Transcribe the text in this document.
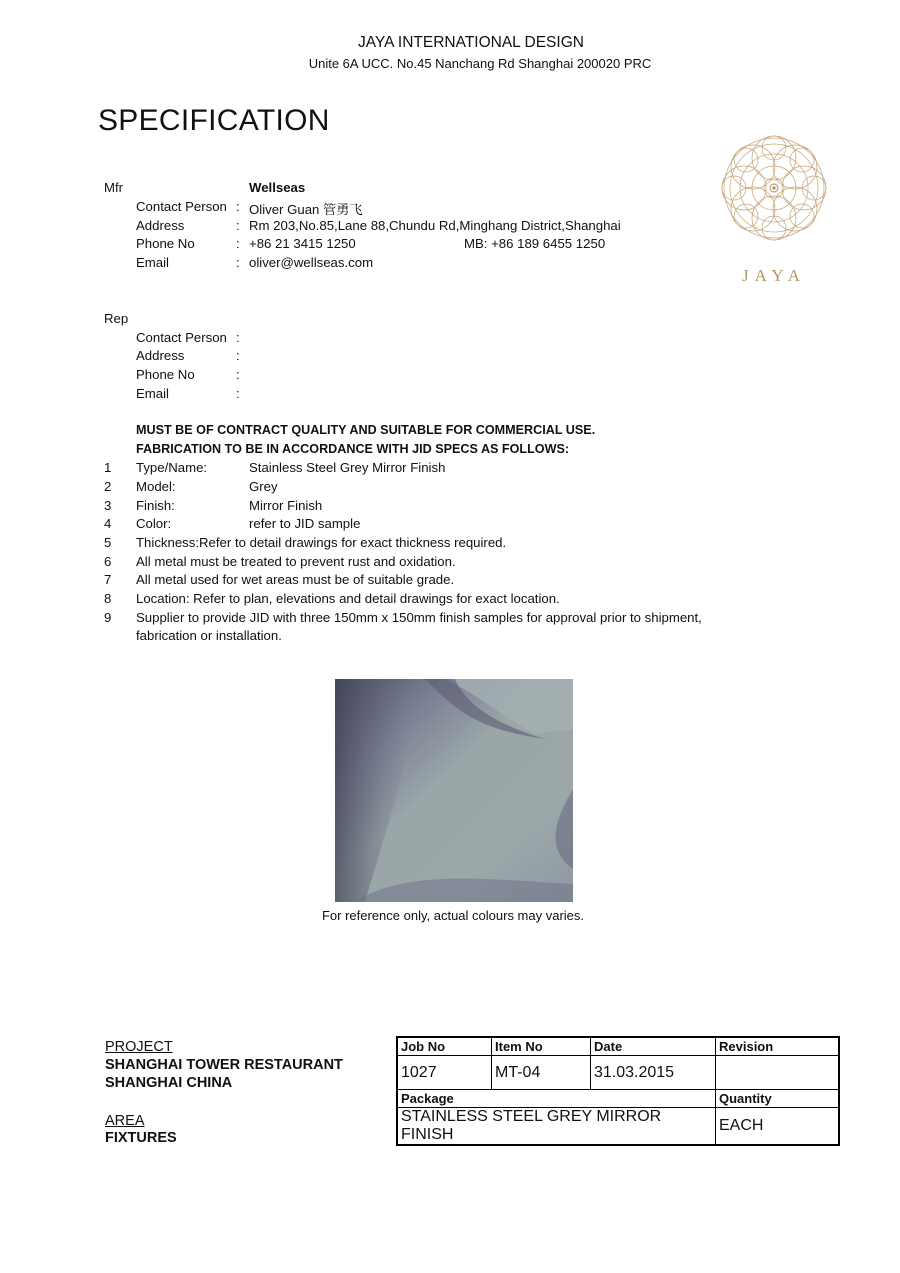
JAYA INTERNATIONAL DESIGN
Unite 6A UCC. No.45 Nanchang Rd Shanghai 200020 PRC
SPECIFICATION
JAYA
Mfr	Wellseas
Contact Person : Oliver Guan 管勇飞
Address	: Rm 203,No.85,Lane 88,Chundu Rd,Minghang District,Shanghai
Phone No	: +86 21 3415 1250	MB: +86 189 6455 1250
Email	: oliver@wellseas.com
Rep
Contact Person :
Address	:
Phone No	:
Email	:
MUST BE OF CONTRACT QUALITY AND SUITABLE FOR COMMERCIAL USE.
FABRICATION TO BE IN ACCORDANCE WITH JID SPECS AS FOLLOWS:
1 Type/Name:	Stainless Steel Grey Mirror Finish
2 Model:	Grey
3 Finish:	Mirror Finish
4 Color:	refer to JID sample
5 Thickness:Refer to detail drawings for exact thickness required.
6 All metal must be treated to prevent rust and oxidation.
7 All metal used for wet areas must be of suitable grade.
8 Location: Refer to plan, elevations and detail drawings for exact location.
9 Supplier to provide JID with three 150mm x 150mm finish samples for approval prior to shipment,
fabrication or installation.
For reference only, actual colours may varies.
PROJECT
SHANGHAI TOWER RESTAURANT
SHANGHAI CHINA
AREA
FIXTURES
Job No	Item No	Date	Revision
1027	MT-04	31.03.2015	
Package			Quantity
STAINLESS STEEL GREY MIRROR FINISH			EACH
